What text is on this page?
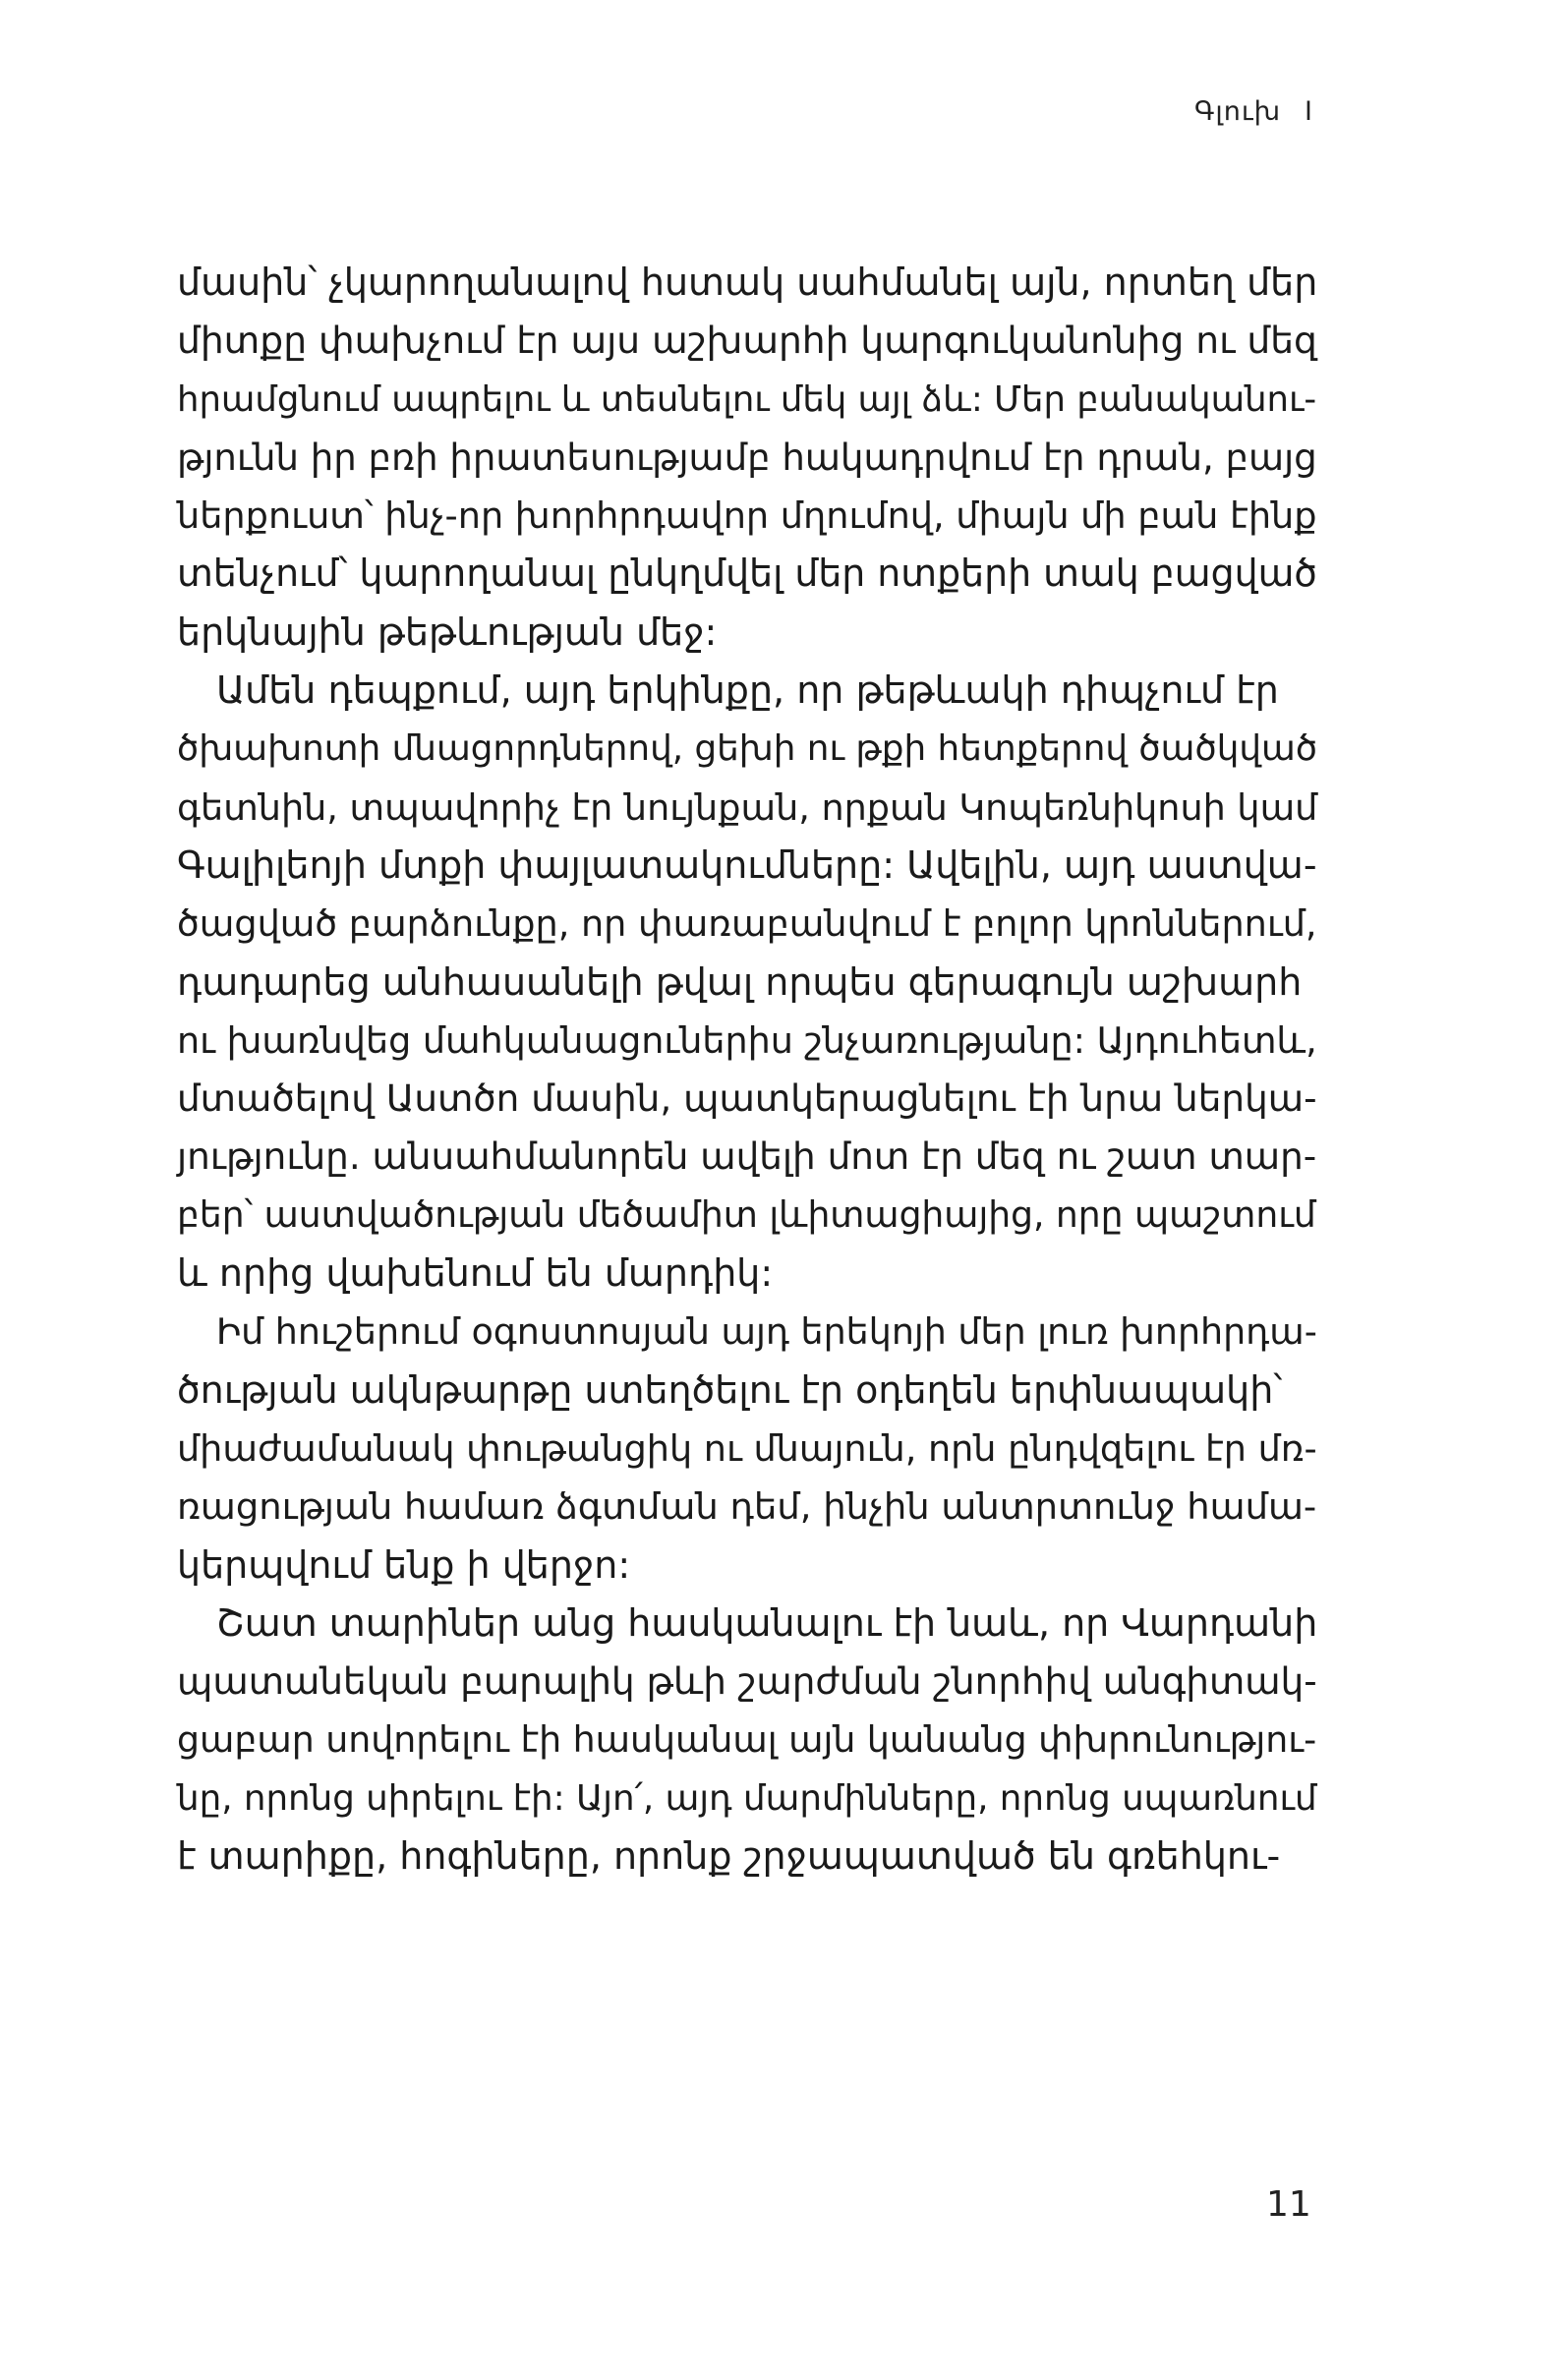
Գլուխ I
մասին՝ չկարողանալով հստակ սահմանել այն, որտեղ մեր
միտքը փախչում էր այս աշխարհի կարգուկանոնից ու մեզ
հրամցնում ապրելու և տեսնելու մեկ այլ ձև: Մեր բանականու-
թյունն իր բռի իրատեսությամբ հակադրվում էր դրան, բայց
ներքուստ՝ ինչ-որ խորհրդավոր մղումով, միայն մի բան էինք
տենչում՝ կարողանալ ընկղմվել մեր ոտքերի տակ բացված
երկնային թեթևության մեջ:
Ամեն դեպքում, այդ երկինքը, որ թեթևակի դիպչում էր
ծխախոտի մնացորդներով, ցեխի ու թքի հետքերով ծածկված
գետնին, տպավորիչ էր նույնքան, որքան Կոպեռնիկոսի կամ
Գալիլեոյի մտքի փայլատակումները: Ավելին, այդ աստվա-
ծացված բարձունքը, որ փառաբանվում է բոլոր կրոններում,
դադարեց անհասանելի թվալ որպես գերագույն աշխարհ
ու խառնվեց մահկանացուներիս շնչառությանը: Այդուհետև,
մտածելով Աստծո մասին, պատկերացնելու էի նրա ներկա-
յությունը. անսահմանորեն ավելի մոտ էր մեզ ու շատ տար-
բեր՝ աստվածության մեծամիտ լևիտացիայից, որը պաշտում
և որից վախենում են մարդիկ:
Իմ հուշերում օգոստոսյան այդ երեկոյի մեր լուռ խորհրդա-
ծության ակնթարթը ստեղծելու էր օդեղեն երփնապակի՝
միաժամանակ փութանցիկ ու մնայուն, որն ընդվզելու էր մռ-
ռացության համառ ձգտման դեմ, ինչին անտրտունջ համա-
կերպվում ենք ի վերջո:
Շատ տարիներ անց հասկանալու էի նաև, որ Վարդանի
պատանեկան բարալիկ թևի շարժման շնորհիվ անգիտակ-
ցաբար սովորելու էի հասկանալ այն կանանց փխրունությու-
նը, որոնց սիրելու էի: Այո՛, այդ մարմինները, որոնց սպառնում
է տարիքը, հոգիները, որոնք շրջապատված են գռեհկու-
11
